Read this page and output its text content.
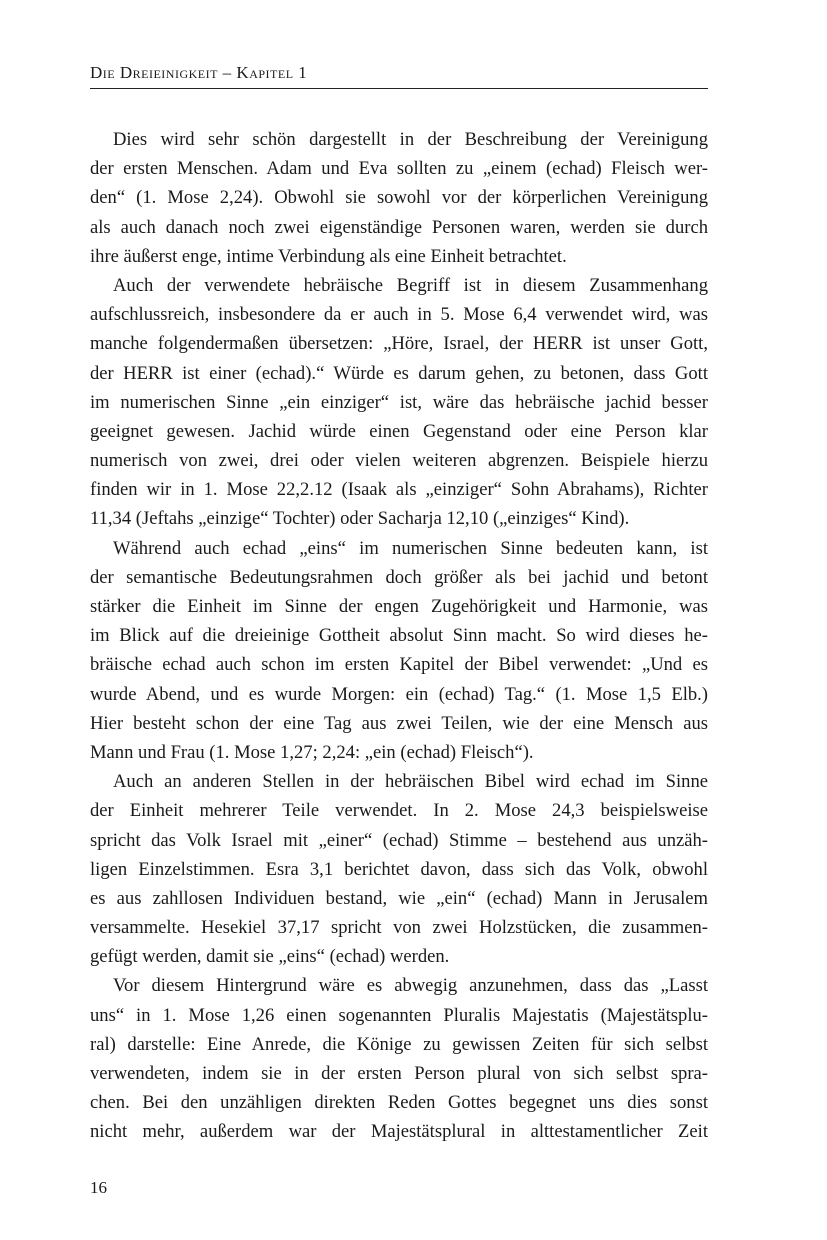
Die Dreieinigkeit – Kapitel 1
Dies wird sehr schön dargestellt in der Beschreibung der Vereinigung
der ersten Menschen. Adam und Eva sollten zu „einem (echad) Fleisch wer-
den“ (1. Mose 2,24). Obwohl sie sowohl vor der körperlichen Vereinigung
als auch danach noch zwei eigenständige Personen waren, werden sie durch
ihre äußerst enge, intime Verbindung als eine Einheit betrachtet.
Auch der verwendete hebräische Begriff ist in diesem Zusammenhang
aufschlussreich, insbesondere da er auch in 5. Mose 6,4 verwendet wird, was
manche folgendermaßen übersetzen: „Höre, Israel, der HERR ist unser Gott,
der HERR ist einer (echad).“ Würde es darum gehen, zu betonen, dass Gott
im numerischen Sinne „ein einziger“ ist, wäre das hebräische jachid besser
geeignet gewesen. Jachid würde einen Gegenstand oder eine Person klar
numerisch von zwei, drei oder vielen weiteren abgrenzen. Beispiele hierzu
finden wir in 1. Mose 22,2.12 (Isaak als „einziger“ Sohn Abrahams), Richter
11,34 (Jeftahs „einzige“ Tochter) oder Sacharja 12,10 („einziges“ Kind).
Während auch echad „eins“ im numerischen Sinne bedeuten kann, ist
der semantische Bedeutungsrahmen doch größer als bei jachid und betont
stärker die Einheit im Sinne der engen Zugehörigkeit und Harmonie, was
im Blick auf die dreieinige Gottheit absolut Sinn macht. So wird dieses he-
bräische echad auch schon im ersten Kapitel der Bibel verwendet: „Und es
wurde Abend, und es wurde Morgen: ein (echad) Tag.“ (1. Mose 1,5 Elb.)
Hier besteht schon der eine Tag aus zwei Teilen, wie der eine Mensch aus
Mann und Frau (1. Mose 1,27; 2,24: „ein (echad) Fleisch“).
Auch an anderen Stellen in der hebräischen Bibel wird echad im Sinne
der Einheit mehrerer Teile verwendet. In 2. Mose 24,3 beispielsweise
spricht das Volk Israel mit „einer“ (echad) Stimme – bestehend aus unzäh-
ligen Einzelstimmen. Esra 3,1 berichtet davon, dass sich das Volk, obwohl
es aus zahllosen Individuen bestand, wie „ein“ (echad) Mann in Jerusalem
versammelte. Hesekiel 37,17 spricht von zwei Holzstücken, die zusammen-
gefügt werden, damit sie „eins“ (echad) werden.
Vor diesem Hintergrund wäre es abwegig anzunehmen, dass das „Lasst
uns“ in 1. Mose 1,26 einen sogenannten Pluralis Majestatis (Majestätsplu-
ral) darstelle: Eine Anrede, die Könige zu gewissen Zeiten für sich selbst
verwendeten, indem sie in der ersten Person plural von sich selbst spra-
chen. Bei den unzähligen direkten Reden Gottes begegnet uns dies sonst
nicht mehr, außerdem war der Majestätsplural in alttestamentlicher Zeit
16
